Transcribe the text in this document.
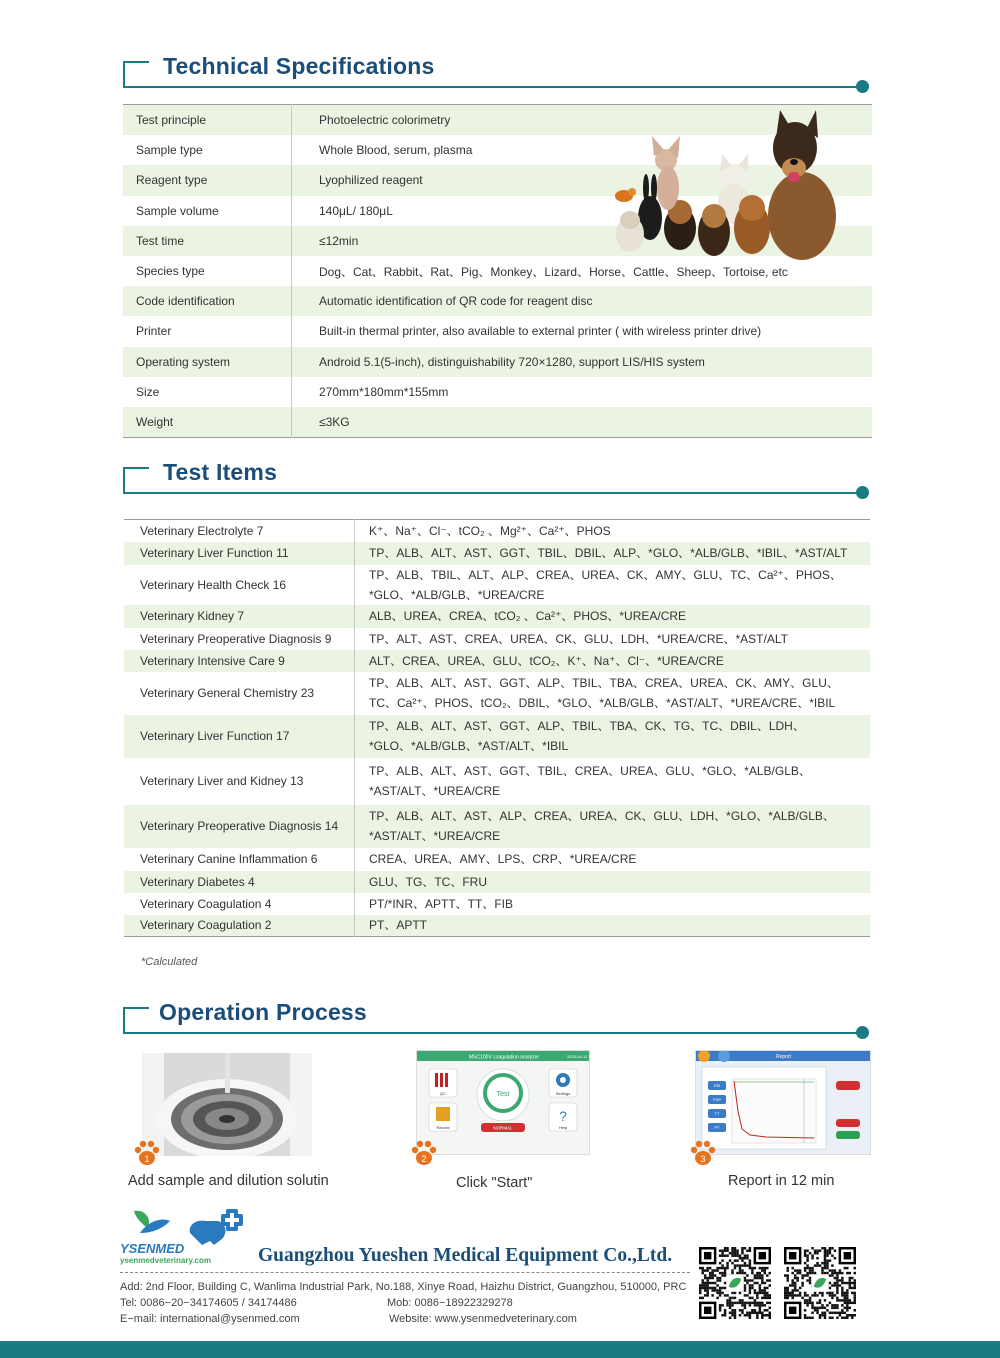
Technical Specifications
Test principle	Photoelectric colorimetry
Sample type	Whole Blood, serum, plasma
Reagent type	Lyophilized reagent
Sample volume	140μL/ 180μL
Test time	≤12min
Species type	Dog、Cat、Rabbit、Rat、Pig、Monkey、Lizard、Horse、Cattle、Sheep、Tortoise, etc
Code identification	Automatic identification of QR code for reagent disc
Printer	Built-in thermal printer, also available to external printer ( with wireless printer drive)
Operating system	Android 5.1(5-inch), distinguishability 720×1280, support LIS/HIS system
Size	270mm*180mm*155mm
Weight	≤3KG
Test Items
Veterinary Electrolyte 7	K⁺、Na⁺、Cl⁻、tCO₂ 、Mg²⁺、Ca²⁺、PHOS

Veterinary Liver Function 11	TP、ALB、ALT、AST、GGT、TBIL、DBIL、ALP、*GLO、*ALB/GLB、*IBIL、*AST/ALT

Veterinary Health Check 16	TP、ALB、TBIL、ALT、ALP、CREA、UREA、CK、AMY、GLU、TC、Ca²⁺、PHOS、
*GLO、*ALB/GLB、*UREA/CRE

Veterinary Kidney 7	ALB、UREA、CREA、tCO₂ 、Ca²⁺、PHOS、*UREA/CRE

Veterinary Preoperative Diagnosis 9	TP、ALT、AST、CREA、UREA、CK、GLU、LDH、*UREA/CRE、*AST/ALT

Veterinary Intensive Care 9	ALT、CREA、UREA、GLU、tCO₂、K⁺、Na⁺、Cl⁻、*UREA/CRE

Veterinary General Chemistry 23	TP、ALB、ALT、AST、GGT、ALP、TBIL、TBA、CREA、UREA、CK、AMY、GLU、
TC、Ca²⁺、PHOS、tCO₂、DBIL、*GLO、*ALB/GLB、*AST/ALT、*UREA/CRE、*IBIL

Veterinary Liver Function 17	TP、ALB、ALT、AST、GGT、ALP、TBIL、TBA、CK、TG、TC、DBIL、LDH、
*GLO、*ALB/GLB、*AST/ALT、*IBIL

Veterinary Liver and Kidney 13	TP、ALB、ALT、AST、GGT、TBIL、CREA、UREA、GLU、*GLO、*ALB/GLB、
*AST/ALT、*UREA/CRE

Veterinary Preoperative Diagnosis 14	TP、ALB、ALT、AST、ALP、CREA、UREA、CK、GLU、LDH、*GLO、*ALB/GLB、
*AST/ALT、*UREA/CRE

Veterinary Canine Inflammation 6	CREA、UREA、AMY、LPS、CRP、*UREA/CRE

Veterinary Diabetes 4	GLU、TG、TC、FRU

Veterinary Coagulation 4	PT/*INR、APTT、TT、FIB

Veterinary Coagulation 2	PT、APTT
*Calculated
Operation Process
1
Add sample and dilution solutin
MSC100V coagulation analyzer	2023-04-12
QC
Record
Test
NORMAL
Settings
?
Help
2
Click "Start"
Report
FIB
FDP
TT
PT
3
Report in 12 min
YSENMED
ysenmedveterinary.com Guangzhou Yueshen Medical Equipment Co.,Ltd.
Add: 2nd Floor, Building C, Wanlima Industrial Park, No.188, Xinye Road, Haizhu District, Guangzhou, 510000, PRC
Tel: 0086−20−34174605 / 34174486	Mob: 0086−18922329278
E−mail: international@ysenmed.com	Website: www.ysenmedveterinary.com
